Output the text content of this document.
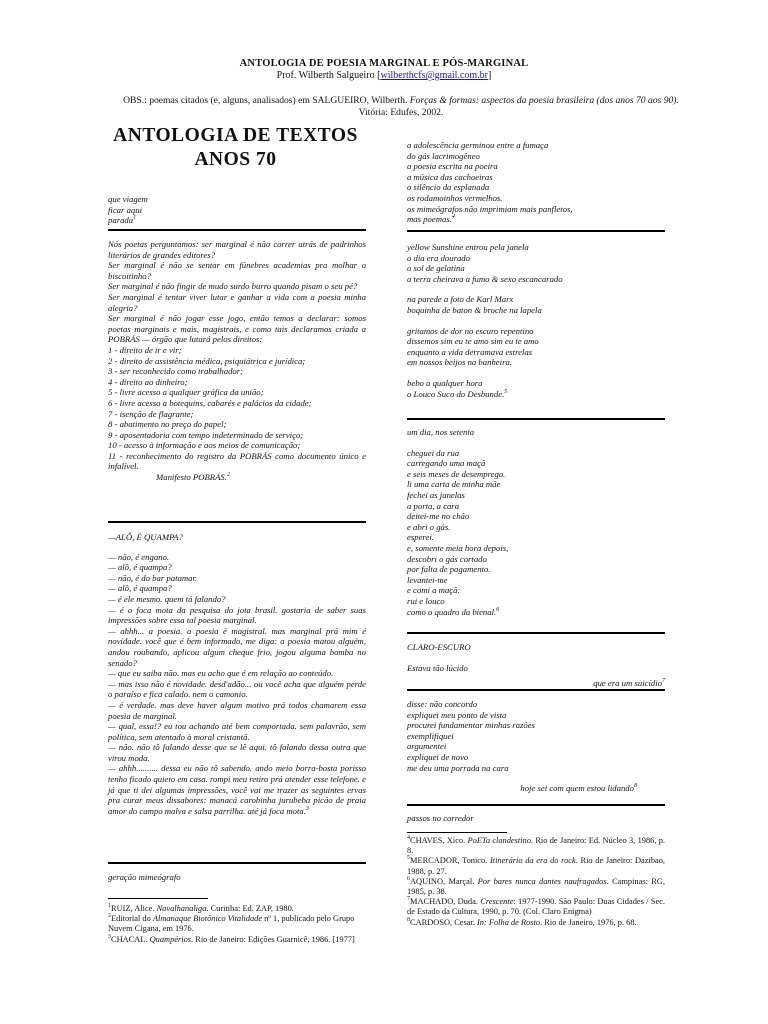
ANTOLOGIA DE POESIA MARGINAL E PÓS-MARGINAL
Prof. Wilberth Salgueiro [wilberthcfs@gmail.com.br]
OBS.: poemas citados (e, alguns, analisados) em SALGUEIRO, Wilberth. Forças & formas: aspectos da poesia brasileira (dos anos 70 aos 90). Vitória: Edufes, 2002.
ANTOLOGIA DE TEXTOS
ANOS 70
que viagem
ficar aqui
parada$^1$
Nós poetas perguntamos: ser marginal é não correr atrás de padrinhos literários de grandes editores?
Ser marginal é não se sentar em fúnebres academias pra molhar o biscoitinho?
Ser marginal é não fingir de mudo surdo burro quando pisam o seu pé?
Ser marginal é tentar viver lutar e ganhar a vida com a poesia minha alegria?
Ser marginal é não jogar esse jogo, então temos a declarar: somos poetas marginais e mais, magistrais, e como tais declaramos criada a POBRÁS — órgão que lutará pelos direitos:
1 - direito de ir e vir;
2 - direito de assistência médica, psiquiátrica e jurídica;
3 - ser reconhecido como trabalhador;
4 - direito ao dinheiro;
5 - livre acesso a qualquer gráfica da união;
6 - livre acesso a botequins, cabarés e palácios da cidade;
7 - isenção de flagrante;
8 - abatimento no preço do papel;
9 - aposentadoria com tempo indeterminado de serviço;
10 - acesso à informação e aos meios de comunicação;
11 - reconhecimento do registro da POBRÁS como documento único e infalível.
Manifesto POBRÁS.$^2$
—ALÔ, É QUAMPA?
— não, é engano.
— alô, é quampa?
— não, é do bar patamar.
— alô, é quampa?
— é ele mesmo. quem tá falando?
— é o foca mota da pesquisa do jota brasil. gostaria de saber suas impressões sobre essa tal poesia marginal.
— ahhh... a poesia. a poesia é magistral. mas marginal prá mim é novidade. você que é bem informado, me diga: a poesia matou alguém, andou roubando, aplicou algum cheque frio, jogou alguma bomba no senado?
— que eu saiba não. mas eu acho que é em relação ao conteúdo.
— mas isso não é novidade. desd'adão... ou você acha que alguém perde o paraíso e fica calado. nem o camonio.
— é verdade. mas deve haver algum motivo prá todos chamarem essa poesia de marginal.
— qual, essa!? eu tou achando até bem comportada. sem palavrão, sem política, sem atentado à moral cristantã.
— não. não tô falando desse que se lê aqui. tô falando dessa outra que virou moda.
— ahhh.......... dessa eu não tô sabendo. ando meio borra-bosta porisso tenho ficado quieto em casa. rompi meu retiro prá atender esse telefone. e já que ti dei algumas impressões, você vai me trazer as seguintes ervas pra curar meus dissabores: manacá carobinha jurubeba picão de praia amor do campo malva e salsa parrilha. até já foca mota.$^3$
geração mimeógrafo
$^1$RUIZ, Alice. Navalhanaliga. Curitiba: Ed. ZAP, 1980.
$^2$Editorial do Almanaque Biotônico Vitalidade nº 1, publicado pelo Grupo Nuvem Cigana, em 1976.
$^3$CHACAL. Quampérios. Rio de Janeiro: Edições Guarnicê, 1986. [1977]
a adolescência germinou entre a fumaça
do gás lacrimogêneo
a poesia escrita na poeira
a música das cachoeiras
o silêncio da esplanada
os rodamoinhos vermelhos.
os mimeógrafos não imprimiam mais panfletos,
mas poemas.$^4$
yellow Sunshine entrou pela janela
o dia era dourado
o sol de gelatina
a terra cheirava a fumo & sexo escancarado
na parede a foto de Karl Marx
boquinha de baton & broche na lapela
gritamos de dor no escuro repentino
dissemos sim eu te amo sim eu te amo
enquanto a vida derramava estrelas
em nossos beijos na banheira.
bebo a qualquer hora
o Louco Suco do Desbunde.$^5$
um dia, nos setenta
cheguei da rua
carregando uma maçã
e seis meses de desemprego.
li uma carta de minha mãe
fechei as janelas
a porta, a cara
deitei-me no chão
e abri o gás.
esperei.
e, somente meia hora depois,
descobri o gás cortado
por falta de pagamento.
levantei-me
e comi a maçã:
rui e louco
como o quadro da bienal.$^6$
CLARO-ESCURO
Estava tão lúcido
que era um suicídio$^7$
disse: não concordo
expliquei meu ponto de vista
procurei fundamentar minhas razões
exemplifiquei
argumentei
expliquei de novo
me deu uma porrada na cara
hoje sei com quem estou lidando$^8$
passos no corredor
$^4$CHAVES, Xico. PoETa clandestino. Rio de Janeiro: Ed. Núcleo 3, 1986, p. 8.
$^5$MERCADOR, Tonico. Itinerário da era do rock. Rio de Janeiro: Dazibao, 1988, p. 27.
$^6$AQUINO, Marçal. Por bares nunca dantes naufragados. Campinas: RG, 1985, p. 38.
$^7$MACHADO, Duda. Crescente: 1977-1990. São Paulo: Duas Cidades / Sec. de Estado da Cultura, 1990, p. 70. (Col. Claro Enigma)
$^8$CARDOSO, Cesar. In: Folha de Rosto. Rio de Janeiro, 1976, p. 68.
